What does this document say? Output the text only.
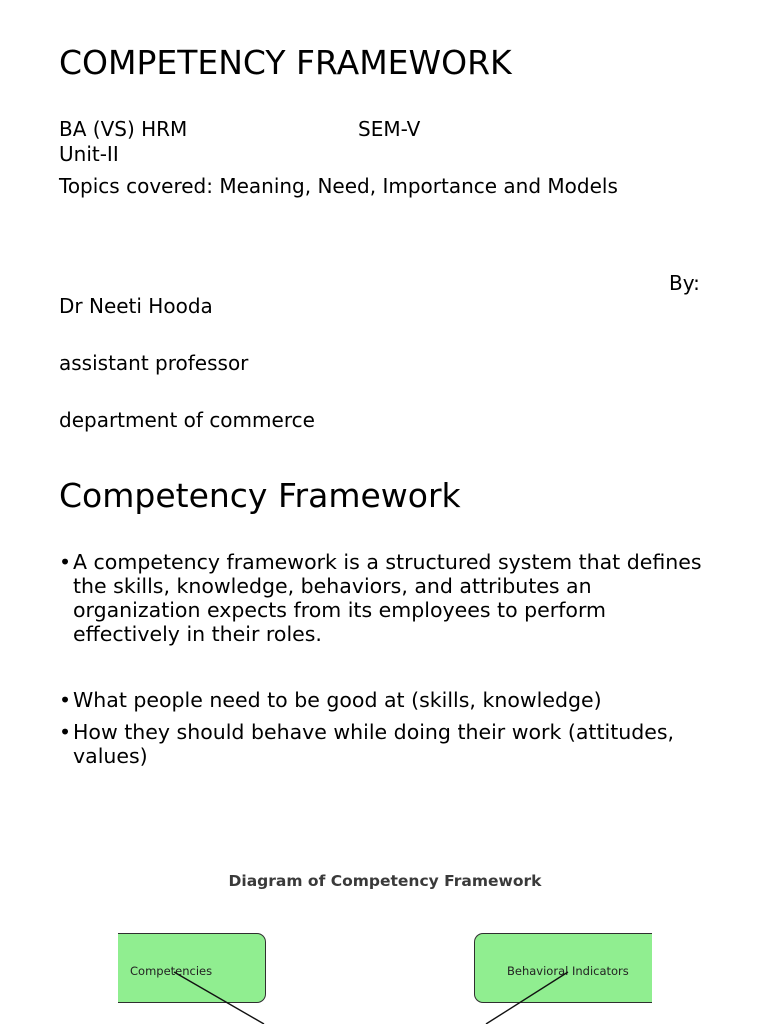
COMPETENCY FRAMEWORK
BA (VS) HRM	SEM-V
Unit-II
Topics covered: Meaning, Need, Importance and Models
By:
Dr Neeti Hooda
assistant professor
department of commerce
Competency Framework
• A competency framework is a structured system that defines the skills, knowledge, behaviors, and attributes an organization expects from its employees to perform effectively in their roles.
• What people need to be good at (skills, knowledge)
• How they should behave while doing their work (attitudes, values)
Diagram of Competency Framework
Competencies	Behavioral Indicators
